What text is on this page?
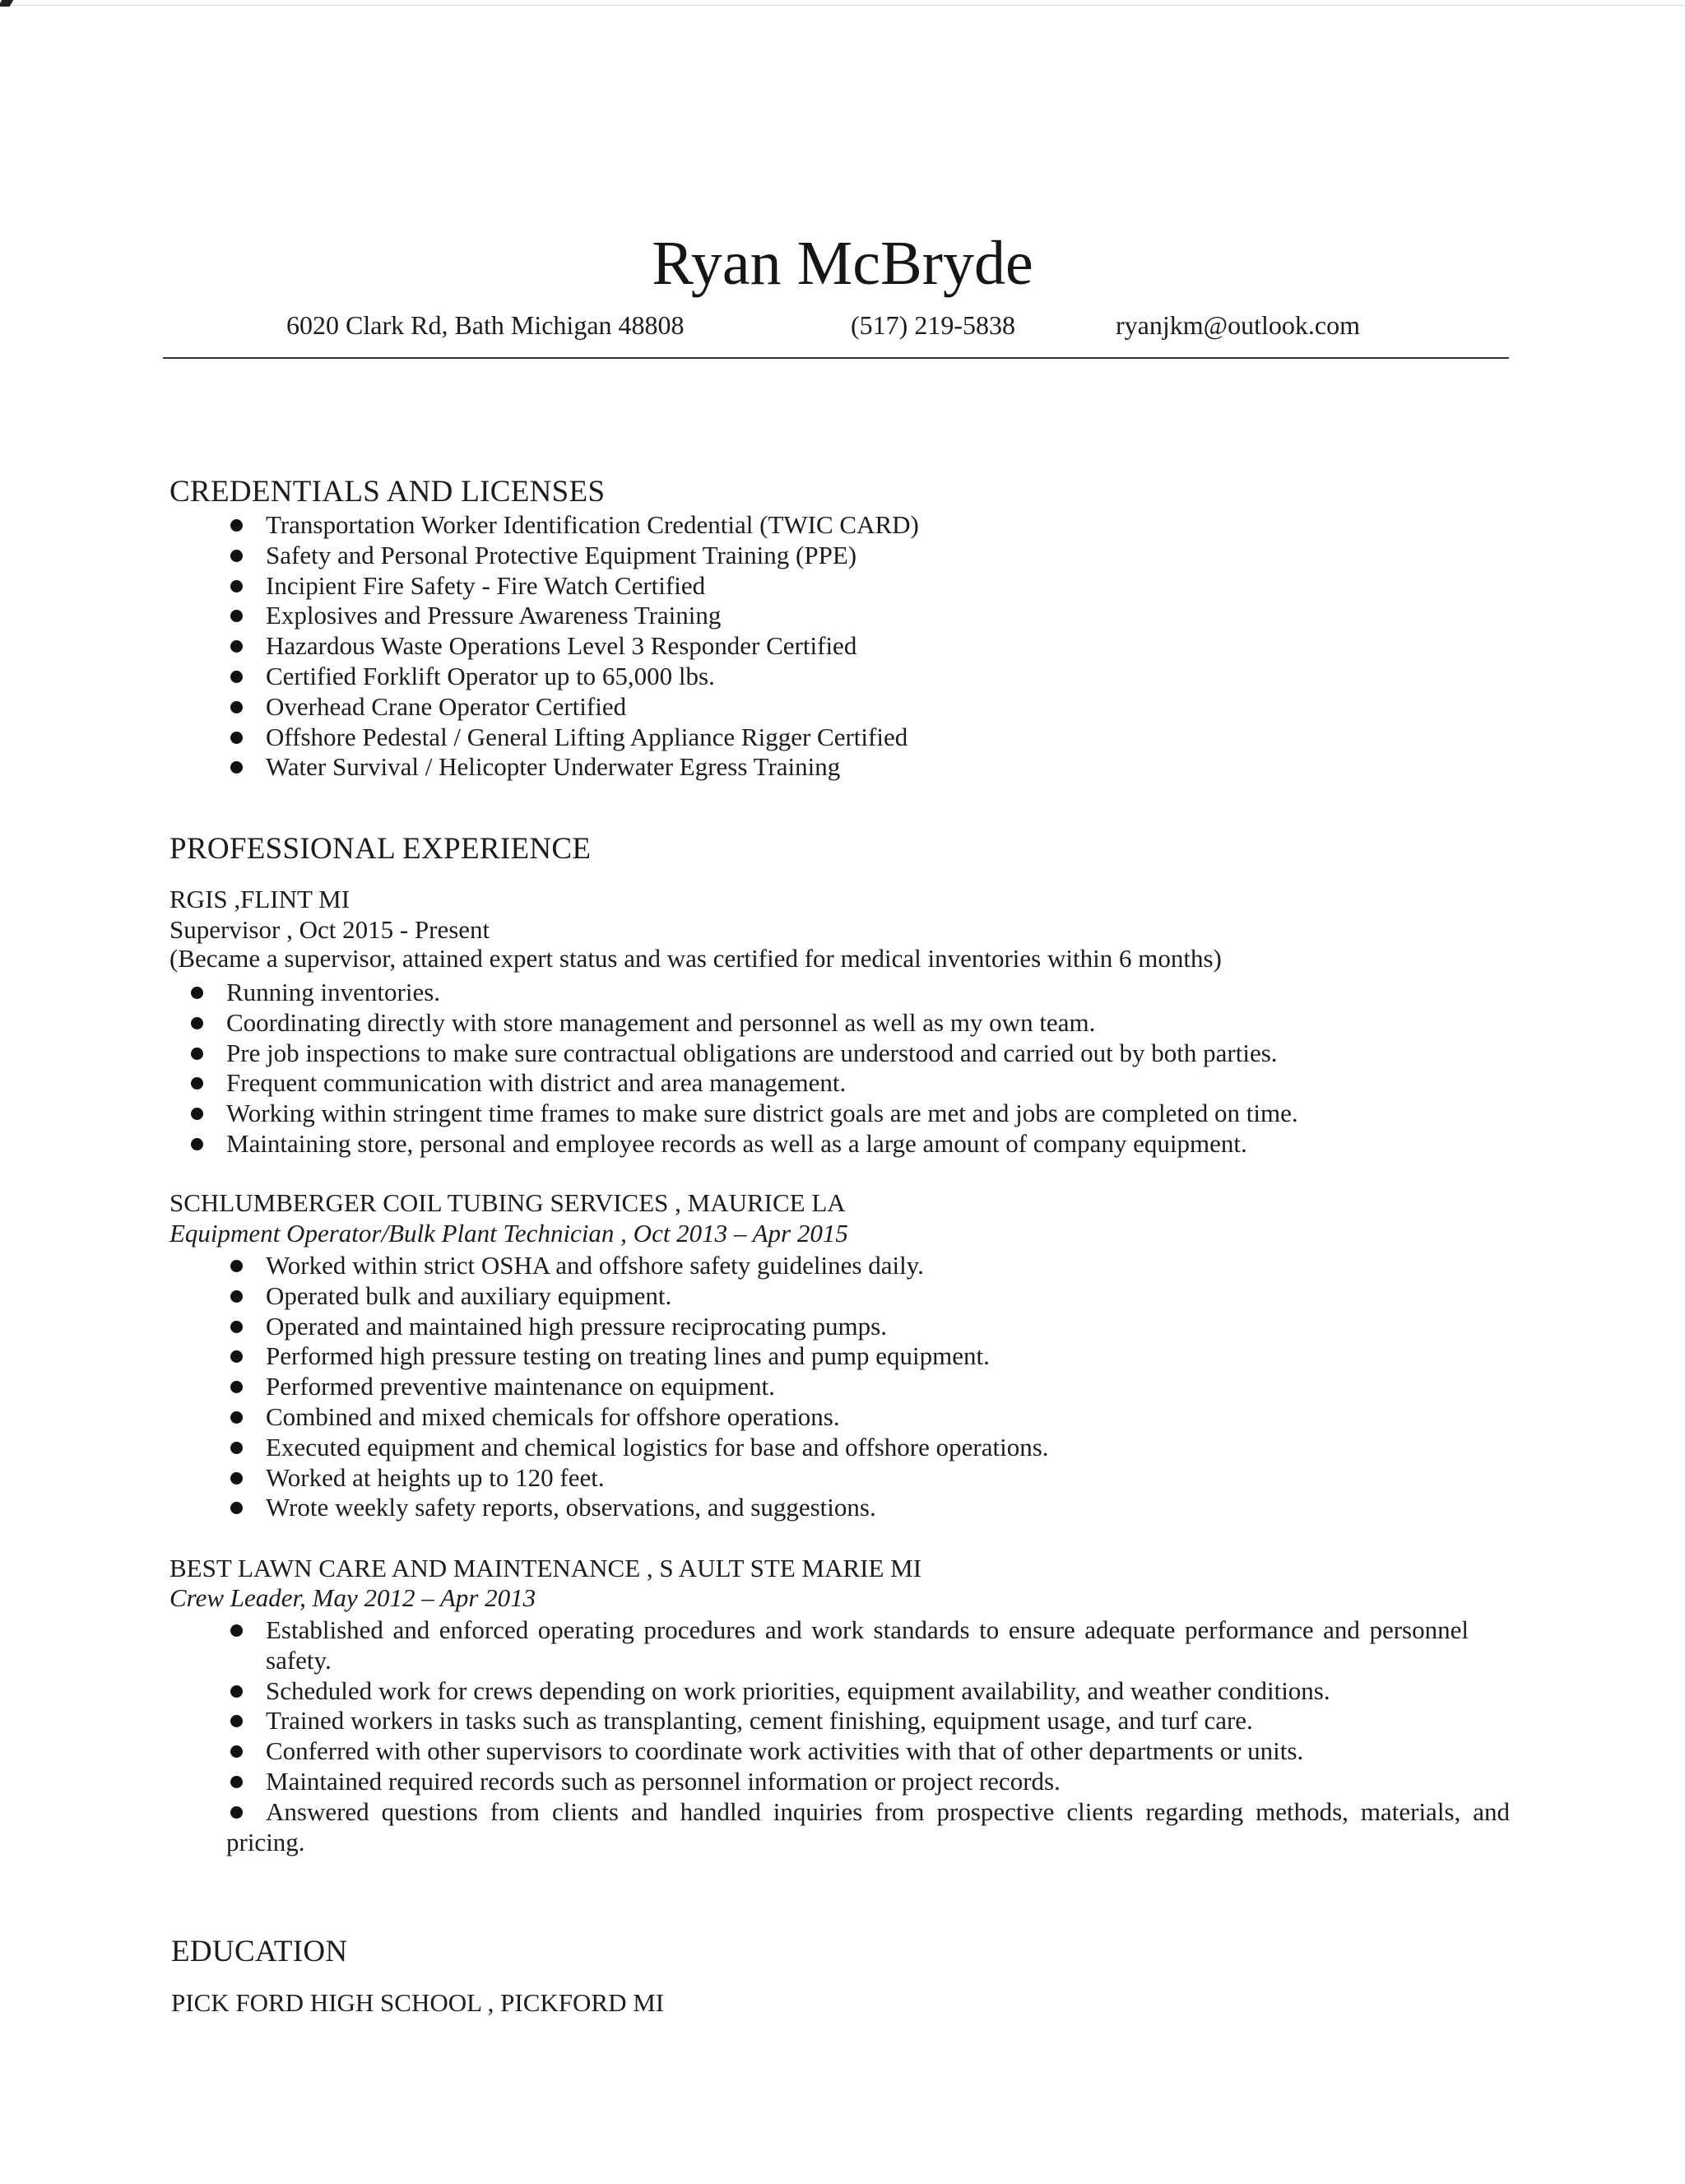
Ryan McBryde
6020 Clark Rd, Bath Michigan 48808	(517) 219-5838	ryanjkm@outlook.com
CREDENTIALS AND LICENSES
Transportation Worker Identification Credential (TWIC CARD)
Safety and Personal Protective Equipment Training (PPE)
Incipient Fire Safety - Fire Watch Certified
Explosives and Pressure Awareness Training
Hazardous Waste Operations Level 3 Responder Certified
Certified Forklift Operator up to 65,000 lbs.
Overhead Crane Operator Certified
Offshore Pedestal / General Lifting Appliance Rigger Certified
Water Survival / Helicopter Underwater Egress Training
PROFESSIONAL EXPERIENCE
RGIS ,FLINT MI
Supervisor , Oct 2015 - Present
(Became a supervisor, attained expert status and was certified for medical inventories within 6 months)
Running inventories.
Coordinating directly with store management and personnel as well as my own team.
Pre job inspections to make sure contractual obligations are understood and carried out by both parties.
Frequent communication with district and area management.
Working within stringent time frames to make sure district goals are met and jobs are completed on time.
Maintaining store, personal and employee records as well as a large amount of company equipment.
SCHLUMBERGER COIL TUBING SERVICES , MAURICE LA
Equipment Operator/Bulk Plant Technician , Oct 2013 – Apr 2015
Worked within strict OSHA and offshore safety guidelines daily.
Operated bulk and auxiliary equipment.
Operated and maintained high pressure reciprocating pumps.
Performed high pressure testing on treating lines and pump equipment.
Performed preventive maintenance on equipment.
Combined and mixed chemicals for offshore operations.
Executed equipment and chemical logistics for base and offshore operations.
Worked at heights up to 120 feet.
Wrote weekly safety reports, observations, and suggestions.
BEST LAWN CARE AND MAINTENANCE , S AULT STE MARIE MI
Crew Leader, May 2012 – Apr 2013
Established and enforced operating procedures and work standards to ensure adequate performance and personnel safety.
Scheduled work for crews depending on work priorities, equipment availability, and weather conditions.
Trained workers in tasks such as transplanting, cement finishing, equipment usage, and turf care.
Conferred with other supervisors to coordinate work activities with that of other departments or units.
Maintained required records such as personnel information or project records.
Answered questions from clients and handled inquiries from prospective clients regarding methods, materials, and pricing.
EDUCATION
PICK FORD HIGH SCHOOL , PICKFORD MI
